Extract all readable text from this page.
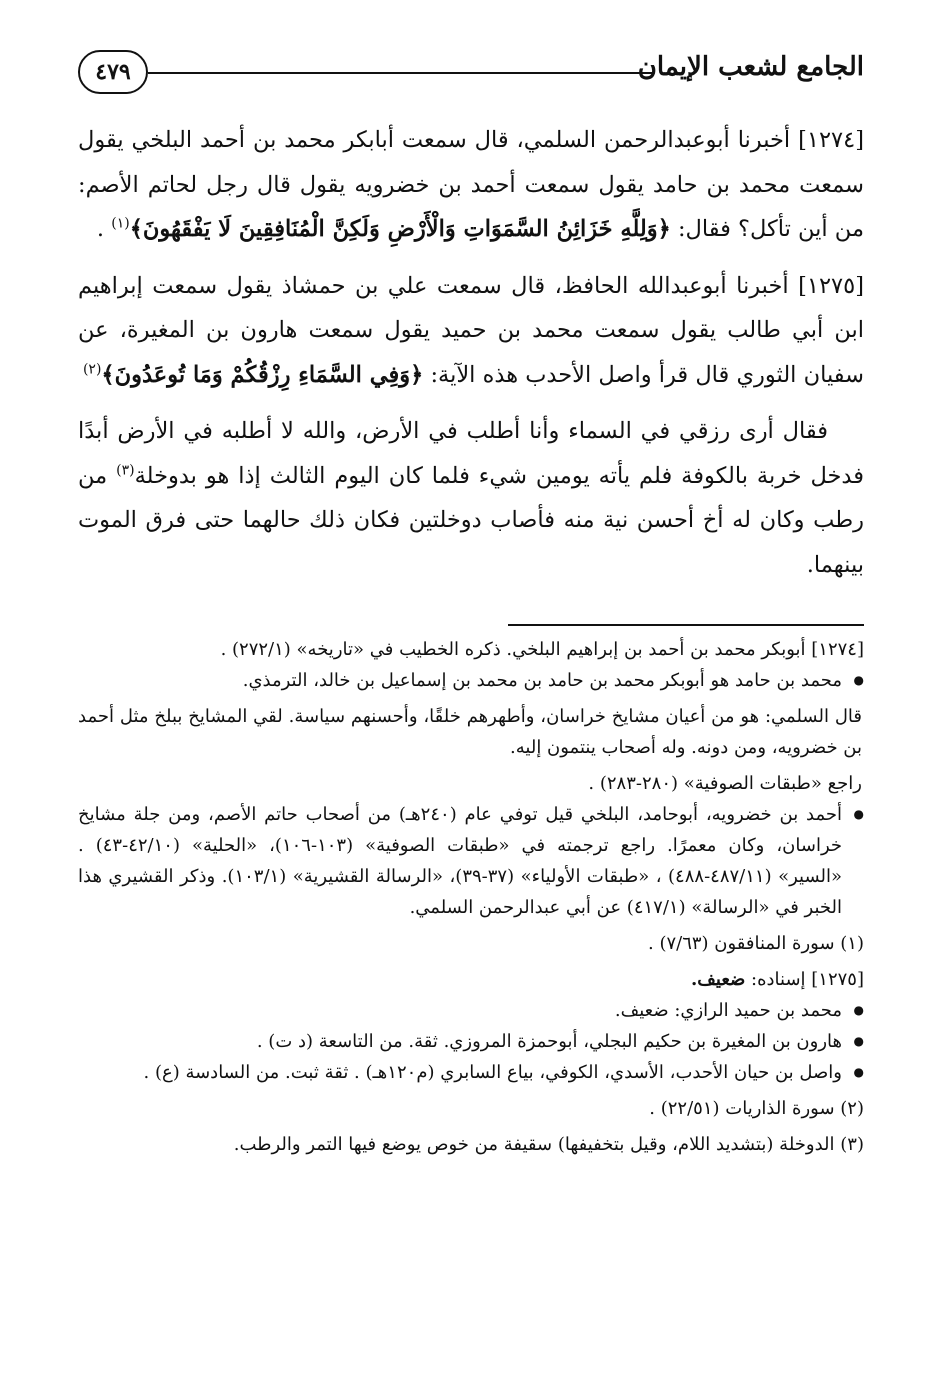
الجامع لشعب الإيمان
٤٧٩

[١٢٧٤] أخبرنا أبوعبدالرحمن السلمي، قال سمعت أبابكر محمد بن أحمد البلخي يقول سمعت محمد بن حامد يقول سمعت أحمد بن خضرويه يقول قال رجل لحاتم الأصم: من أين تأكل؟ فقال: ﴿وَلِلَّهِ خَزَائِنُ السَّمَوَاتِ وَالْأَرْضِ وَلَكِنَّ الْمُنَافِقِينَ لَا يَفْقَهُونَ﴾$^{(١)}$ .

[١٢٧٥] أخبرنا أبوعبدالله الحافظ، قال سمعت علي بن حمشاذ يقول سمعت إبراهيم ابن أبي طالب يقول سمعت محمد بن حميد يقول سمعت هارون بن المغيرة، عن سفيان الثوري قال قرأ واصل الأحدب هذه الآية: ﴿وَفِي السَّمَاءِ رِزْقُكُمْ وَمَا تُوعَدُونَ﴾$^{(٢)}$

فقال أرى رزقي في السماء وأنا أطلب في الأرض، والله لا أطلبه في الأرض أبدًا فدخل خربة بالكوفة فلم يأته يومين شيء فلما كان اليوم الثالث إذا هو بدوخلة$^{(٣)}$ من رطب وكان له أخ أحسن نية منه فأصاب دوخلتين فكان ذلك حالهما حتى فرق الموت بينهما.

[١٢٧٤] أبوبكر محمد بن أحمد بن إبراهيم البلخي. ذكره الخطيب في «تاريخه» (٢٧٢/١) .

● محمد بن حامد هو أبوبكر محمد بن حامد بن محمد بن إسماعيل بن خالد، الترمذي.

قال السلمي: هو من أعيان مشايخ خراسان، وأطهرهم خلقًا، وأحسنهم سياسة. لقي المشايخ ببلخ مثل أحمد بن خضرويه، ومن دونه. وله أصحاب ينتمون إليه.

راجع «طبقات الصوفية» (٢٨٠-٢٨٣) .

● أحمد بن خضرويه، أبوحامد، البلخي قيل توفي عام (٢٤٠هـ) من أصحاب حاتم الأصم، ومن جلة مشايخ خراسان، وكان معمرًا. راجع ترجمته في «طبقات الصوفية» (١٠٣-١٠٦)، «الحلية» (٤٢/١٠-٤٣) . «السير» (٤٨٧/١١-٤٨٨) ، «طبقات الأولياء» (٣٧-٣٩)، «الرسالة القشيرية» (١٠٣/١). وذكر القشيري هذا الخبر في «الرسالة» (٤١٧/١) عن أبي عبدالرحمن السلمي.

(١) سورة المنافقون (٧/٦٣) .

[١٢٧٥] إسناده: ضعيف.

● محمد بن حميد الرازي: ضعيف.

● هارون بن المغيرة بن حكيم البجلي، أبوحمزة المروزي. ثقة. من التاسعة (د ت) .

● واصل بن حيان الأحدب، الأسدي، الكوفي، بياع السابري (م١٢٠هـ) . ثقة ثبت. من السادسة (ع) .

(٢) سورة الذاريات (٢٢/٥١) .

(٣) الدوخلة (بتشديد اللام، وقيل بتخفيفها) سقيفة من خوص يوضع فيها التمر والرطب.
